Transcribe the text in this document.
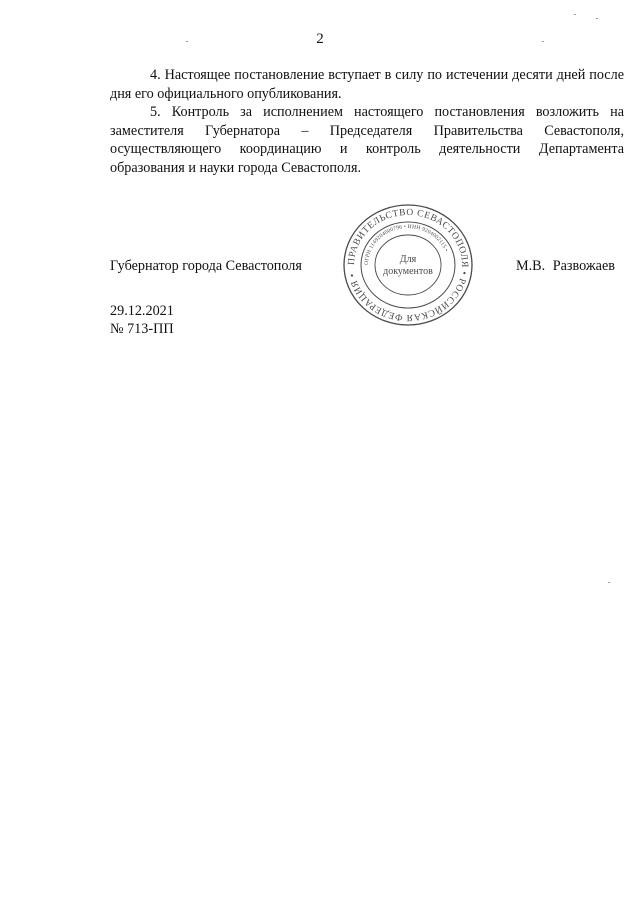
2

4. Настоящее постановление вступает в силу по истечении десяти дней после дня его официального опубликования.

5. Контроль за исполнением настоящего постановления возложить на заместителя Губернатора – Председателя Правительства Севастополя, осуществляющего координацию и контроль деятельности Департамента образования и науки города Севастополя.

Губернатор города Севастополя	М.В. Развожаев
29.12.2021
№ 713-ПП
ПРАВИТЕЛЬСТВО СЕВАСТОПОЛЯ • РОССИЙСКАЯ ФЕДЕРАЦИЯ •
ОГРН 1149204000796 • ИНН 9204002115 •
Для
документов
